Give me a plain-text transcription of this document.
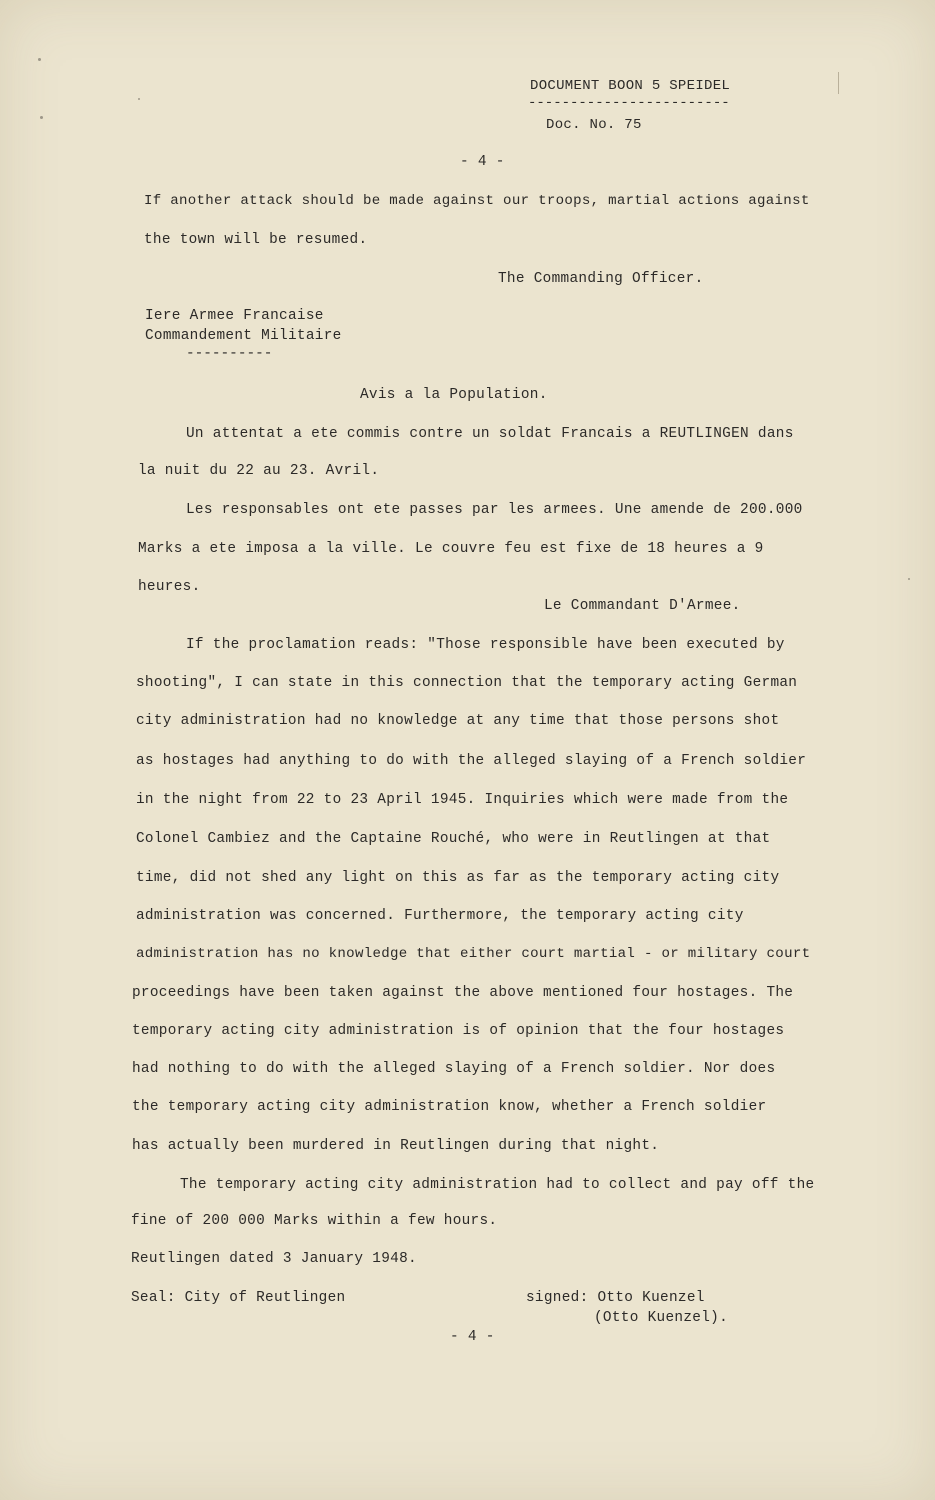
DOCUMENT BOON 5 SPEIDEL
------------------------
Doc. No. 75
- 4 -
If another attack should be made against our troops, martial actions against
the town will be resumed.
The Commanding Officer.
Iere Armee Francaise
Commandement Militaire
----------
Avis a la Population.
Un attentat a ete commis contre un soldat Francais a REUTLINGEN dans
la nuit du 22 au 23. Avril.
Les responsables ont ete passes par les armees. Une amende de 200.000
Marks a ete imposa a la ville. Le couvre feu est fixe de 18 heures a 9
heures.
Le Commandant D'Armee.
If the proclamation reads: "Those responsible have been executed by
shooting", I can state in this connection that the temporary acting German
city administration had no knowledge at any time that those persons shot
as hostages had anything to do with the alleged slaying of a French soldier
in the night from 22 to 23 April 1945. Inquiries which were made from the
Colonel Cambiez and the Captaine Rouché, who were in Reutlingen at that
time, did not shed any light on this as far as the temporary acting city
administration was concerned. Furthermore, the temporary acting city
administration has no knowledge that either court martial - or military court
proceedings have been taken against the above mentioned four hostages. The
temporary acting city administration is of opinion that the four hostages
had nothing to do with the alleged slaying of a French soldier. Nor does
the temporary acting city administration know, whether a French soldier
has actually been murdered in Reutlingen during that night.
The temporary acting city administration had to collect and pay off the
fine of 200 000 Marks within a few hours.
Reutlingen dated 3 January 1948.
Seal: City of Reutlingen	signed: Otto Kuenzel
(Otto Kuenzel).
- 4 -
